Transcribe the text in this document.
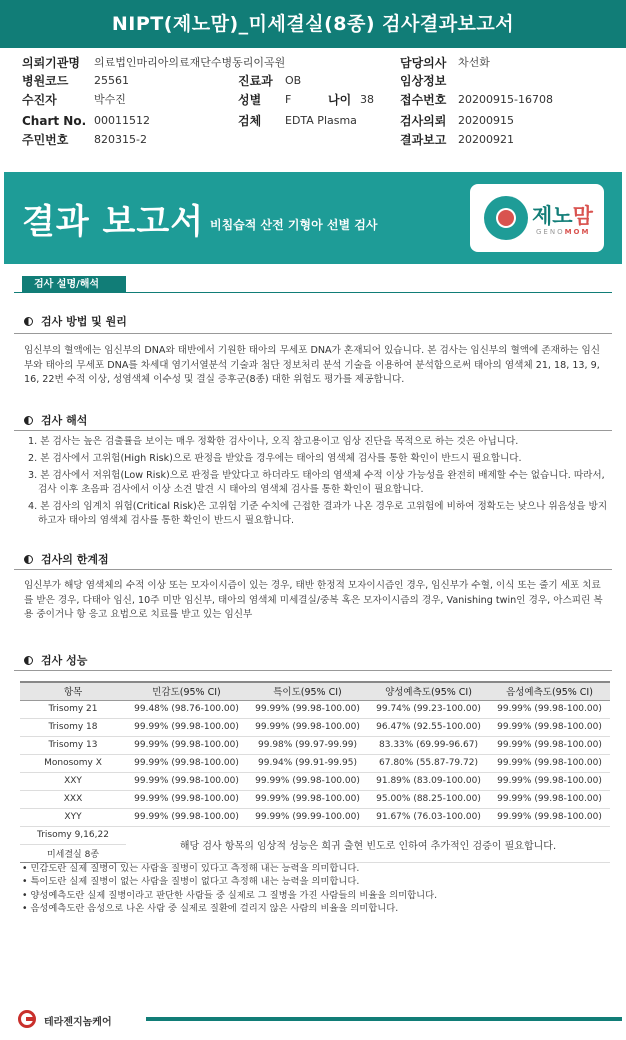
NIPT(제노맘)_미세결실(8종) 검사결과보고서
의뢰기관명 의료법인마리아의료재단수병동리이곡원	담당의사 차선화
병원코드 25561	진료과 OB	임상정보
수진자	박수진	성별 F	나이 38 접수번호 20200915-16708
Chart No. 00011512	검체 EDTA Plasma	검사의뢰 20200915
주민번호 820315-2	결과보고 20200921
결과 보고서 비침습적 산전 기형아 선별 검사	제노맘
GENOMOM
검사 설명/해석
검사 방법 및 원리
임신부의 혈액에는 임신부의 DNA와 태반에서 기원한 태아의 무세포 DNA가 혼재되어 있습니다. 본 검사는 임신부의 혈액에 존재하는 임신부와 태아의 무세포 DNA를 차세대 염기서열분석 기술과 첨단 정보처리 분석 기술을 이용하여 분석함으로써 태아의 염색체 21, 18, 13, 9, 16, 22번 수적 이상, 성염색체 이수성 및 결실 증후군(8종) 대한 위험도 평가를 제공합니다.
검사 해석
1. 본 검사는 높은 검출률을 보이는 매우 정확한 검사이나, 오직 참고용이고 임상 진단을 목적으로 하는 것은 아닙니다.
2. 본 검사에서 고위험(High Risk)으로 판정을 받았을 경우에는 태아의 염색체 검사를 통한 확인이 반드시 필요합니다.
3. 본 검사에서 저위험(Low Risk)으로 판정을 받았다고 하더라도 태아의 염색체 수적 이상 가능성을 완전히 배제할 수는 없습니다. 따라서, 검사 이후 초음파 검사에서 이상 소견 발견 시 태아의 염색체 검사를 통한 확인이 필요합니다.
4. 본 검사의 임계치 위험(Critical Risk)은 고위험 기준 수치에 근접한 결과가 나온 경우로 고위험에 비하여 정확도는 낮으나 위음성을 방지하고자 태아의 염색체 검사를 통한 확인이 반드시 필요합니다.
검사의 한계점
임신부가 해당 염색체의 수적 이상 또는 모자이시즘이 있는 경우, 태반 한정적 모자이시즘인 경우, 임신부가 수혈, 이식 또는 줄기 세포 치료를 받은 경우, 다태아 임신, 10주 미만 임신부, 태아의 염색체 미세결실/중복 혹은 모자이시즘의 경우, Vanishing twin인 경우, 아스피린 복용 중이거나 항 응고 요법으로 치료를 받고 있는 임신부
검사 성능
항목	민감도(95% CI)	특이도(95% CI)	양성예측도(95% CI)	음성예측도(95% CI)
Trisomy 21	99.48% (98.76-100.00)	99.99% (99.98-100.00)	99.74% (99.23-100.00)	99.99% (99.98-100.00)
Trisomy 18	99.99% (99.98-100.00)	99.99% (99.98-100.00)	96.47% (92.55-100.00)	99.99% (99.98-100.00)
Trisomy 13	99.99% (99.98-100.00)	99.98% (99.97-99.99)	83.33% (69.99-96.67)	99.99% (99.98-100.00)
Monosomy X	99.99% (99.98-100.00)	99.94% (99.91-99.95)	67.80% (55.87-79.72)	99.99% (99.98-100.00)
XXY	99.99% (99.98-100.00)	99.99% (99.98-100.00)	91.89% (83.09-100.00)	99.99% (99.98-100.00)
XXX	99.99% (99.98-100.00)	99.99% (99.98-100.00)	95.00% (88.25-100.00)	99.99% (99.98-100.00)
XYY	99.99% (99.98-100.00)	99.99% (99.99-100.00)	91.67% (76.03-100.00)	99.99% (99.98-100.00)
Trisomy 9,16,22	해당 검사 항목의 임상적 성능은 희귀 출현 빈도로 인하여 추가적인 검증이 필요합니다.			
미세결실 8종				
• 민감도란 실제 질병이 있는 사람을 질병이 있다고 측정해 내는 능력을 의미합니다.
• 특이도란 실제 질병이 없는 사람을 질병이 없다고 측정해 내는 능력을 의미합니다.
• 양성예측도란 실제 질병이라고 판단한 사람들 중 실제로 그 질병을 가진 사람들의 비율을 의미합니다.
• 음성예측도란 음성으로 나온 사람 중 실제로 질환에 걸리지 않은 사람의 비율을 의미합니다.
테라젠지놈케어
